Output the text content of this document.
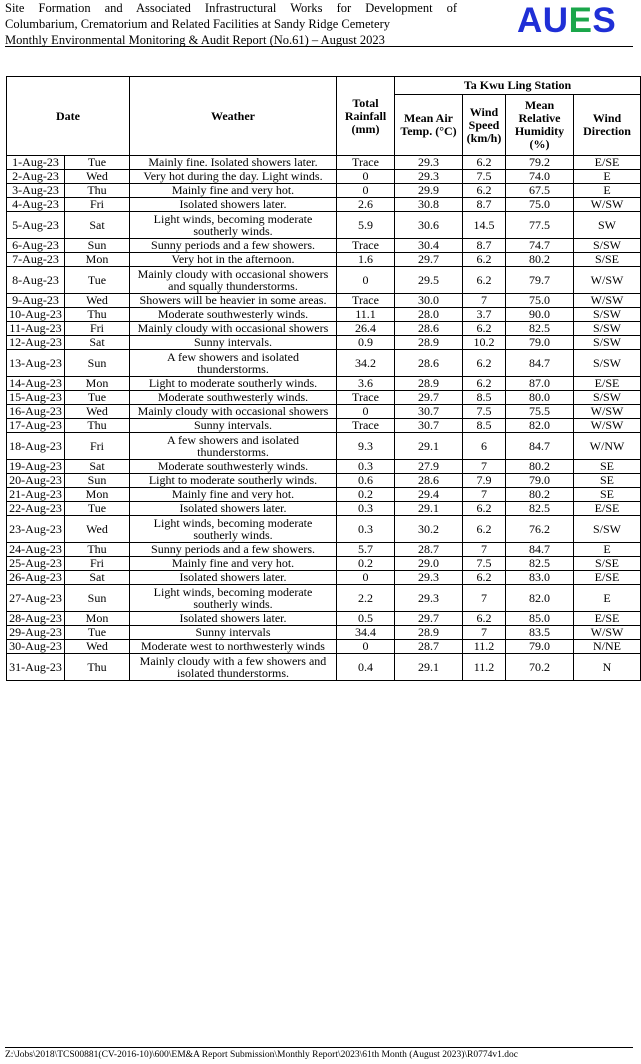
Site Formation and Associated Infrastructural Works for Development of
Columbarium, Crematorium and Related Facilities at Sandy Ridge Cemetery
Monthly Environmental Monitoring & Audit Report (No.61) – August 2023	AUES
Date		Weather	Total Rainfall (mm)	Ta Kwu Ling Station			
				Mean Air Temp. (°C)	Wind Speed (km/h)	Mean Relative Humidity (%)	Wind Direction
1-Aug-23	Tue	Mainly fine. Isolated showers later.	Trace	29.3	6.2	79.2	E/SE
2-Aug-23	Wed	Very hot during the day. Light winds.	0	29.3	7.5	74.0	E
3-Aug-23	Thu	Mainly fine and very hot.	0	29.9	6.2	67.5	E
4-Aug-23	Fri	Isolated showers later.	2.6	30.8	8.7	75.0	W/SW
5-Aug-23	Sat	Light winds, becoming moderate southerly winds.	5.9	30.6	14.5	77.5	SW
6-Aug-23	Sun	Sunny periods and a few showers.	Trace	30.4	8.7	74.7	S/SW
7-Aug-23	Mon	Very hot in the afternoon.	1.6	29.7	6.2	80.2	S/SE
8-Aug-23	Tue	Mainly cloudy with occasional showers and squally thunderstorms.	0	29.5	6.2	79.7	W/SW
9-Aug-23	Wed	Showers will be heavier in some areas.	Trace	30.0	7	75.0	W/SW
10-Aug-23	Thu	Moderate southwesterly winds.	11.1	28.0	3.7	90.0	S/SW
11-Aug-23	Fri	Mainly cloudy with occasional showers	26.4	28.6	6.2	82.5	S/SW
12-Aug-23	Sat	Sunny intervals.	0.9	28.9	10.2	79.0	S/SW
13-Aug-23	Sun	A few showers and isolated thunderstorms.	34.2	28.6	6.2	84.7	S/SW
14-Aug-23	Mon	Light to moderate southerly winds.	3.6	28.9	6.2	87.0	E/SE
15-Aug-23	Tue	Moderate southwesterly winds.	Trace	29.7	8.5	80.0	S/SW
16-Aug-23	Wed	Mainly cloudy with occasional showers	0	30.7	7.5	75.5	W/SW
17-Aug-23	Thu	Sunny intervals.	Trace	30.7	8.5	82.0	W/SW
18-Aug-23	Fri	A few showers and isolated thunderstorms.	9.3	29.1	6	84.7	W/NW
19-Aug-23	Sat	Moderate southwesterly winds.	0.3	27.9	7	80.2	SE
20-Aug-23	Sun	Light to moderate southerly winds.	0.6	28.6	7.9	79.0	SE
21-Aug-23	Mon	Mainly fine and very hot.	0.2	29.4	7	80.2	SE
22-Aug-23	Tue	Isolated showers later.	0.3	29.1	6.2	82.5	E/SE
23-Aug-23	Wed	Light winds, becoming moderate southerly winds.	0.3	30.2	6.2	76.2	S/SW
24-Aug-23	Thu	Sunny periods and a few showers.	5.7	28.7	7	84.7	E
25-Aug-23	Fri	Mainly fine and very hot.	0.2	29.0	7.5	82.5	S/SE
26-Aug-23	Sat	Isolated showers later.	0	29.3	6.2	83.0	E/SE
27-Aug-23	Sun	Light winds, becoming moderate southerly winds.	2.2	29.3	7	82.0	E
28-Aug-23	Mon	Isolated showers later.	0.5	29.7	6.2	85.0	E/SE
29-Aug-23	Tue	Sunny intervals	34.4	28.9	7	83.5	W/SW
30-Aug-23	Wed	Moderate west to northwesterly winds	0	28.7	11.2	79.0	N/NE
31-Aug-23	Thu	Mainly cloudy with a few showers and isolated thunderstorms.	0.4	29.1	11.2	70.2	N
Z:\Jobs\2018\TCS00881(CV-2016-10)\600\EM&A Report Submission\Monthly Report\2023\61th Month (August 2023)\R0774v1.doc
